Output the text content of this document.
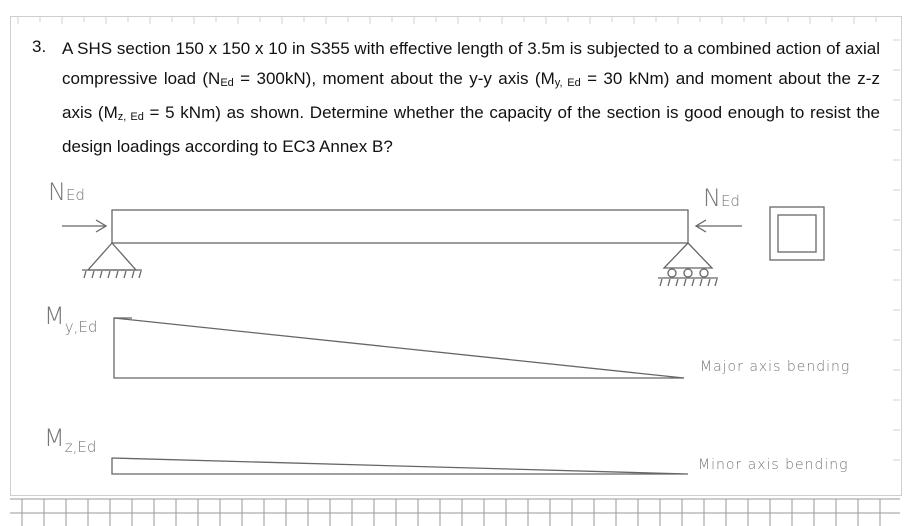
3. A SHS section 150 x 150 x 10 in S355 with effective length of 3.5m is subjected to a combined action of axial compressive load $(N_{Ed} = 300kN)$, moment about the y-y axis ($M_{y, Ed} = 30$ kNm) and moment about the z-z axis ($M_{z, Ed} = 5$ kNm) as shown. Determine whether the capacity of the section is good enough to resist the design loadings according to EC3 Annex B?

NEd	NEd
$M_{y,Ed}$
$M_{z,Ed}$
Major axis bending
Minor axis bending
